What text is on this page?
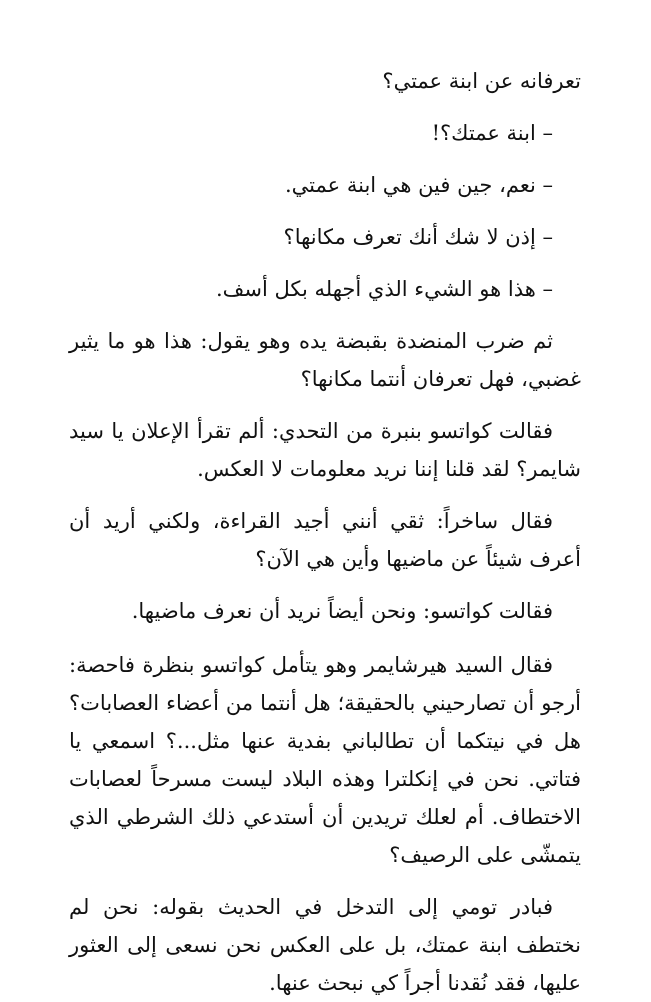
تعرفانه عن ابنة عمتي؟
– ابنة عمتك؟!
– نعم، جين فين هي ابنة عمتي.
– إذن لا شك أنك تعرف مكانها؟
– هذا هو الشيء الذي أجهله بكل أسف.
ثم ضرب المنضدة بقبضة يده وهو يقول: هذا هو ما يثير غضبي، فهل تعرفان أنتما مكانها؟
فقالت كواتسو بنبرة من التحدي: ألم تقرأ الإعلان يا سيد شايمر؟ لقد قلنا إننا نريد معلومات لا العكس.
فقال ساخراً: ثقي أنني أجيد القراءة، ولكني أريد أن أعرف شيئاً عن ماضيها وأين هي الآن؟
فقالت كواتسو: ونحن أيضاً نريد أن نعرف ماضيها.
فقال السيد هيرشايمر وهو يتأمل كواتسو بنظرة فاحصة: أرجو أن تصارحيني بالحقيقة؛ هل أنتما من أعضاء العصابات؟ هل في نيتكما أن تطالباني بفدية عنها مثل...؟ اسمعي يا فتاتي. نحن في إنكلترا وهذه البلاد ليست مسرحاً لعصابات الاختطاف. أم لعلك تريدين أن أستدعي ذلك الشرطي الذي يتمشّى على الرصيف؟
فبادر تومي إلى التدخل في الحديث بقوله: نحن لم نختطف ابنة عمتك، بل على العكس نحن نسعى إلى العثور عليها، فقد نُقدنا أجراً كي نبحث عنها.
